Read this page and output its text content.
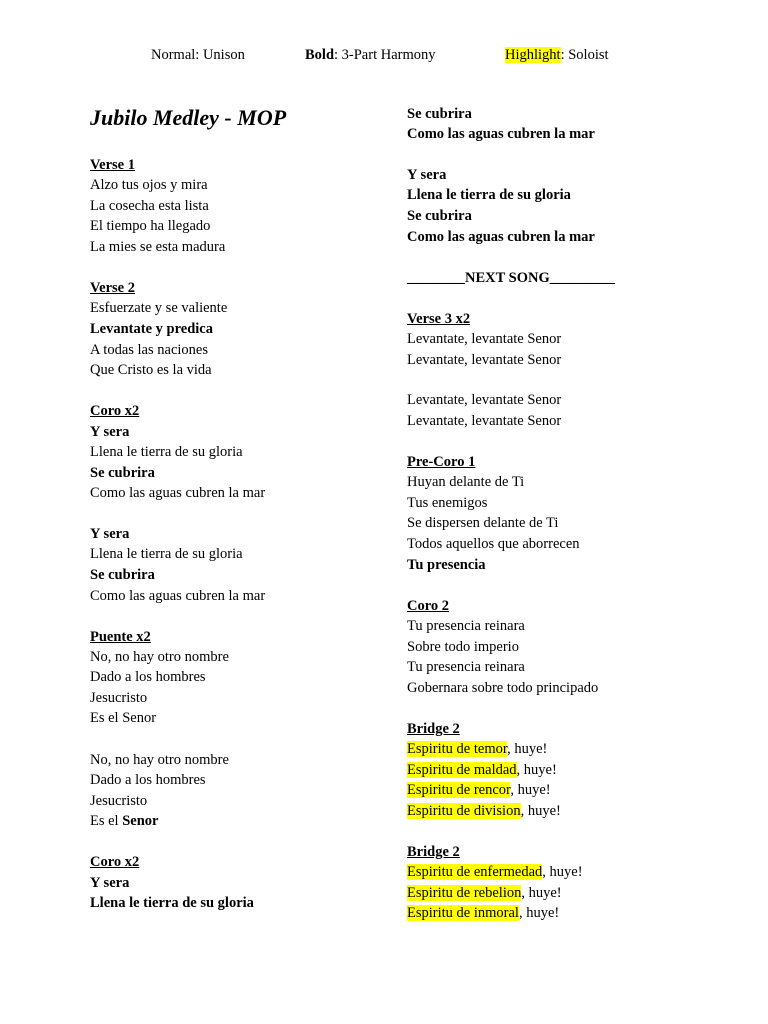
Normal: Unison	Bold: 3-Part Harmony	Highlight: Soloist
Jubilo Medley - MOP
Verse 1
Alzo tus ojos y mira
La cosecha esta lista
El tiempo ha llegado
La mies se esta madura
Verse 2
Esfuerzate y se valiente
Levantate y predica
A todas las naciones
Que Cristo es la vida
Coro x2
Y sera
Llena le tierra de su gloria
Se cubrira
Como las aguas cubren la mar
Y sera
Llena le tierra de su gloria
Se cubrira
Como las aguas cubren la mar
Puente x2
No, no hay otro nombre
Dado a los hombres
Jesucristo
Es el Senor
No, no hay otro nombre
Dado a los hombres
Jesucristo
Es el Senor
Coro x2
Y sera
Llena le tierra de su gloria
Se cubrira
Como las aguas cubren la mar
Y sera
Llena le tierra de su gloria
Se cubrira
Como las aguas cubren la mar
________NEXT SONG_________
Verse 3 x2
Levantate, levantate Senor
Levantate, levantate Senor
Levantate, levantate Senor
Levantate, levantate Senor
Pre-Coro 1
Huyan delante de Ti
Tus enemigos
Se dispersen delante de Ti
Todos aquellos que aborrecen
Tu presencia
Coro 2
Tu presencia reinara
Sobre todo imperio
Tu presencia reinara
Gobernara sobre todo principado
Bridge 2
Espiritu de temor, huye!
Espiritu de maldad, huye!
Espiritu de rencor, huye!
Espiritu de division, huye!
Bridge 2
Espiritu de enfermedad, huye!
Espiritu de rebelion, huye!
Espiritu de inmoral, huye!
